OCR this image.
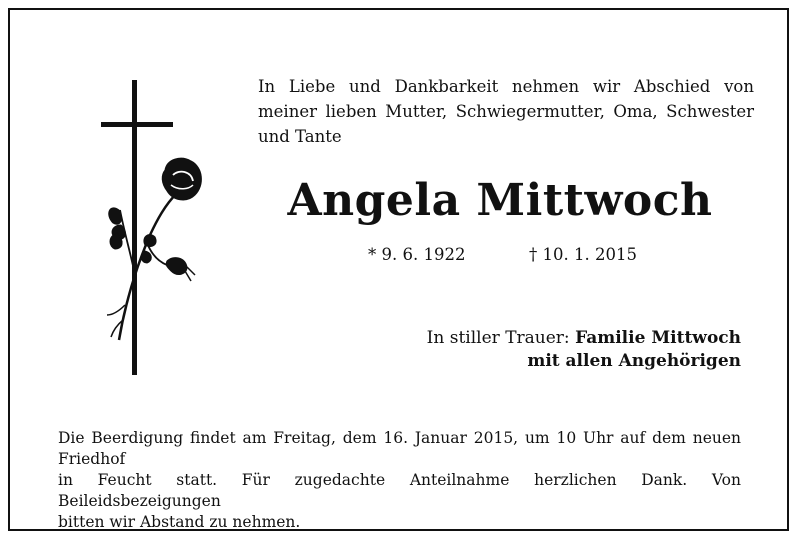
In Liebe und Dankbarkeit nehmen wir Abschied von
meiner lieben Mutter, Schwiegermutter, Oma, Schwester
und Tante
Angela Mittwoch
* 9. 6. 1922	† 10. 1. 2015
In stiller Trauer: Familie Mittwoch
mit allen Angehörigen
Die Beerdigung findet am Freitag, dem 16. Januar 2015, um 10 Uhr auf dem neuen Friedhof
in Feucht statt. Für zugedachte Anteilnahme herzlichen Dank. Von Beileidsbezeigungen
bitten wir Abstand zu nehmen.
